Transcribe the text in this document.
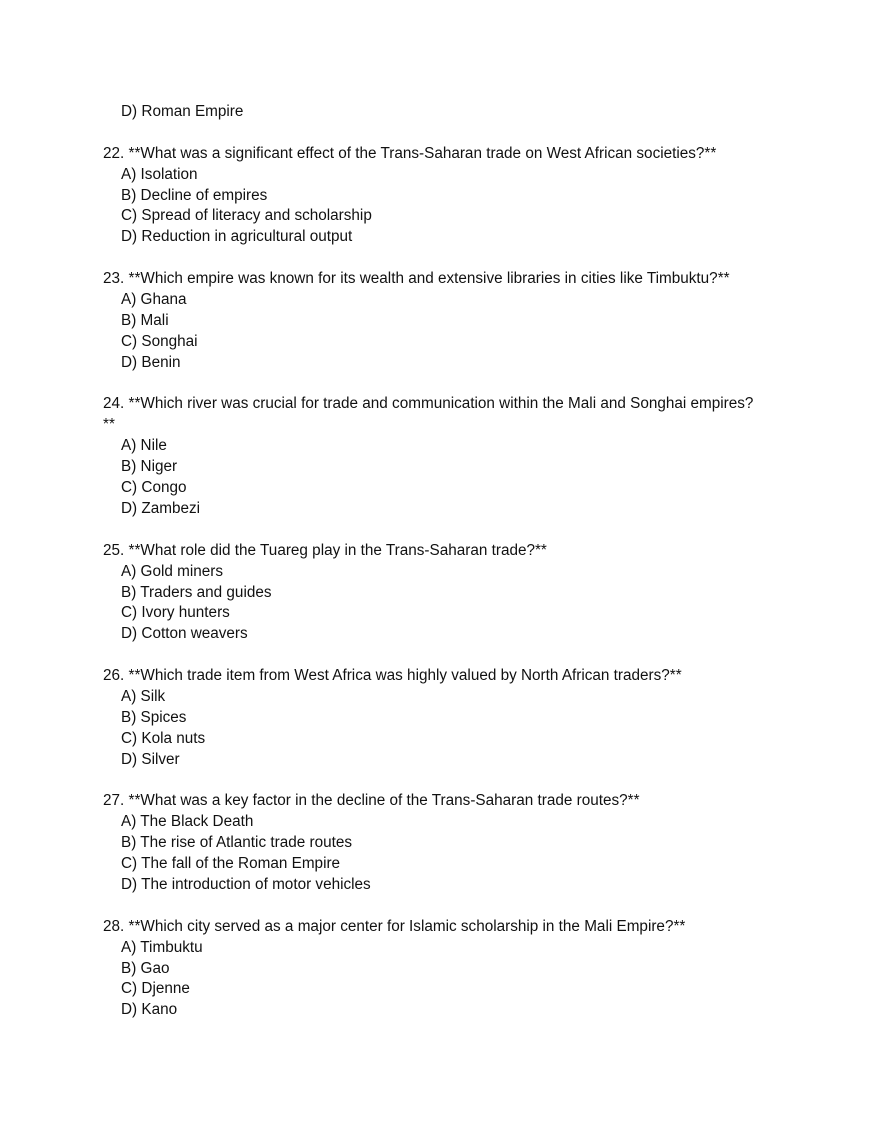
D) Roman Empire
22. **What was a significant effect of the Trans-Saharan trade on West African societies?**
A) Isolation
B) Decline of empires
C) Spread of literacy and scholarship
D) Reduction in agricultural output
23. **Which empire was known for its wealth and extensive libraries in cities like Timbuktu?**
A) Ghana
B) Mali
C) Songhai
D) Benin
24. **Which river was crucial for trade and communication within the Mali and Songhai empires?**
A) Nile
B) Niger
C) Congo
D) Zambezi
25. **What role did the Tuareg play in the Trans-Saharan trade?**
A) Gold miners
B) Traders and guides
C) Ivory hunters
D) Cotton weavers
26. **Which trade item from West Africa was highly valued by North African traders?**
A) Silk
B) Spices
C) Kola nuts
D) Silver
27. **What was a key factor in the decline of the Trans-Saharan trade routes?**
A) The Black Death
B) The rise of Atlantic trade routes
C) The fall of the Roman Empire
D) The introduction of motor vehicles
28. **Which city served as a major center for Islamic scholarship in the Mali Empire?**
A) Timbuktu
B) Gao
C) Djenne
D) Kano
